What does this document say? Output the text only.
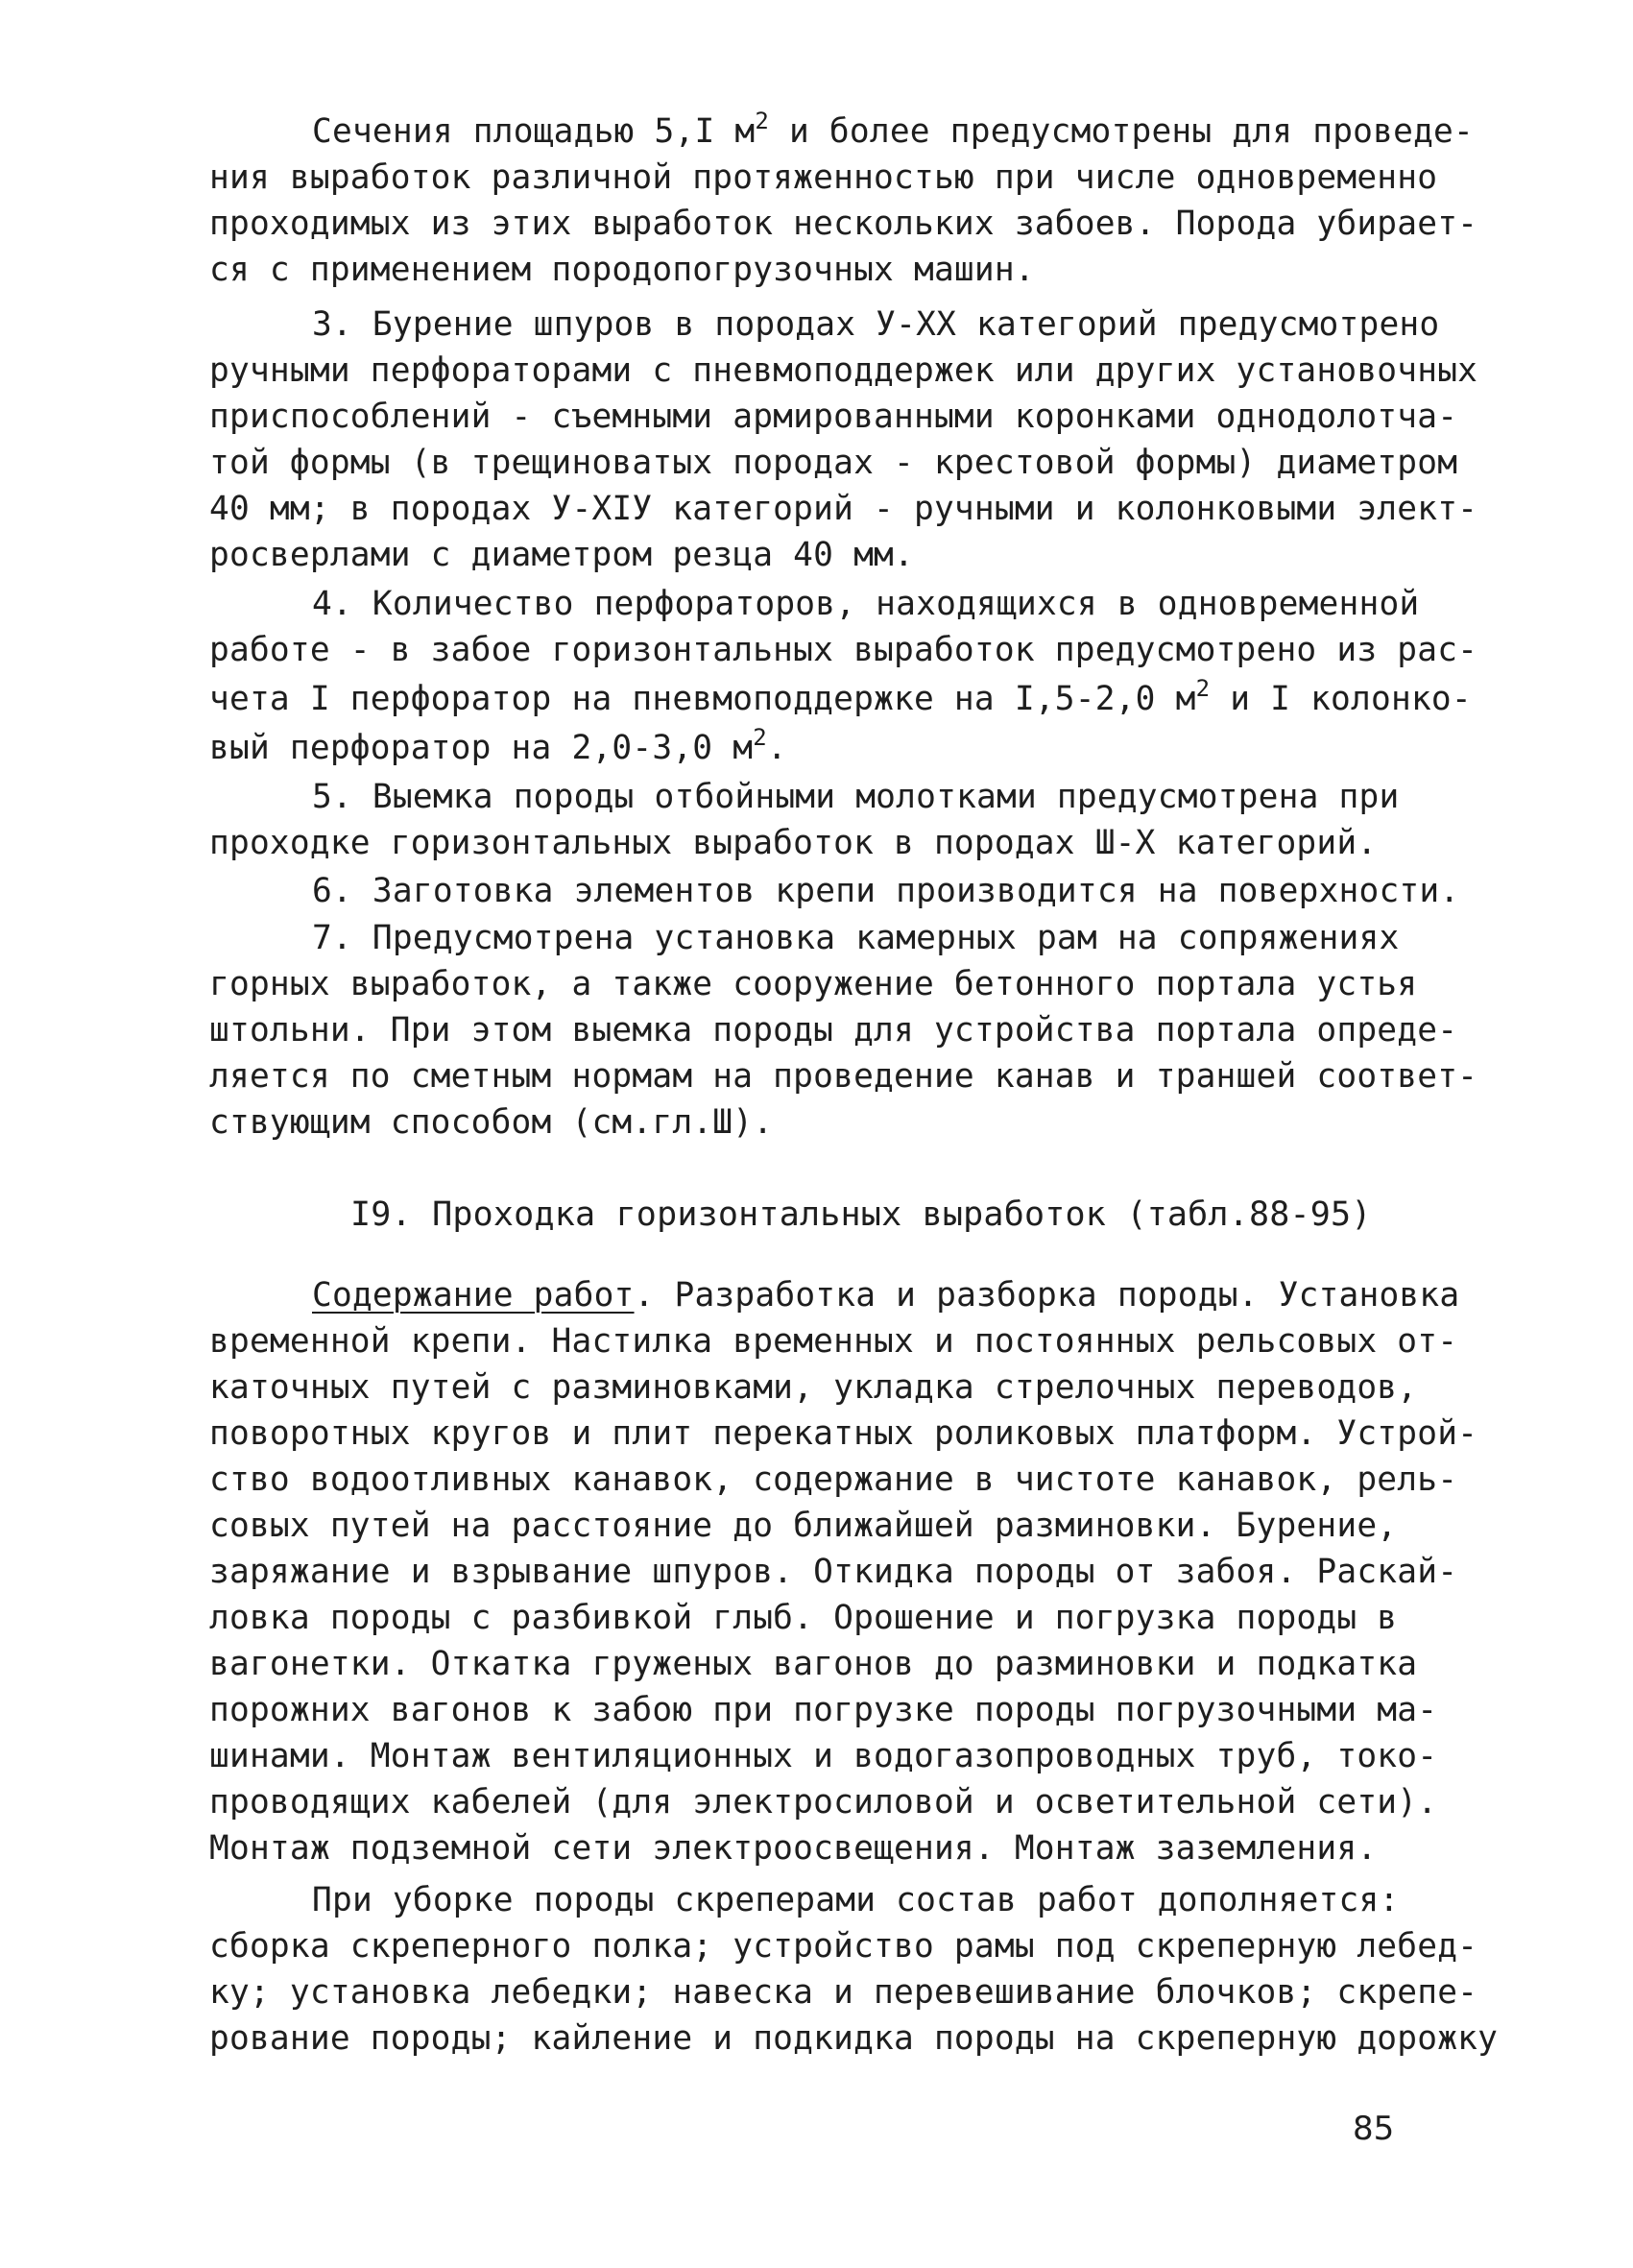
Сечения площадью 5,I $м^2$ и более предусмотрены для проведе-
ния выработок различной протяженностью при числе одновременно
проходимых из этих выработок нескольких забоев. Порода убирает-
ся с применением породопогрузочных машин.
3. Бурение шпуров в породах У-ХХ категорий предусмотрено
ручными перфораторами с пневмоподдержек или других установочных
приспособлений - съемными армированными коронками однодолотча-
той формы (в трещиноватых породах - крестовой формы) диаметром
40 мм; в породах У-ХIУ категорий - ручными и колонковыми элект-
росверлами с диаметром резца 40 мм.
4. Количество перфораторов, находящихся в одновременной
работе - в забое горизонтальных выработок предусмотрено из рас-
чета I перфоратор на пневмоподдержке на I,5-2,0 $м^2$ и I колонко-
вый перфоратор на 2,0-3,0 $м^2$.
5. Выемка породы отбойными молотками предусмотрена при
проходке горизонтальных выработок в породах Ш-Х категорий.
6. Заготовка элементов крепи производится на поверхности.
7. Предусмотрена установка камерных рам на сопряжениях
горных выработок, а также сооружение бетонного портала устья
штольни. При этом выемка породы для устройства портала опреде-
ляется по сметным нормам на проведение канав и траншей соответ-
ствующим способом (см.гл.Ш).
I9. Проходка горизонтальных выработок (табл.88-95)
Содержание работ. Разработка и разборка породы. Установка
временной крепи. Настилка временных и постоянных рельсовых от-
каточных путей с разминовками, укладка стрелочных переводов,
поворотных кругов и плит перекатных роликовых платформ. Устрой-
ство водоотливных канавок, содержание в чистоте канавок, рель-
совых путей на расстояние до ближайшей разминовки. Бурение,
заряжание и взрывание шпуров. Откидка породы от забоя. Раскай-
ловка породы с разбивкой глыб. Орошение и погрузка породы в
вагонетки. Откатка груженых вагонов до разминовки и подкатка
порожних вагонов к забою при погрузке породы погрузочными ма-
шинами. Монтаж вентиляционных и водогазопроводных труб, токо-
проводящих кабелей (для электросиловой и осветительной сети).
Монтаж подземной сети электроосвещения. Монтаж заземления.
При уборке породы скреперами состав работ дополняется:
сборка скреперного полка; устройство рамы под скреперную лебед-
ку; установка лебедки; навеска и перевешивание блочков; скрепе-
рование породы; кайление и подкидка породы на скреперную дорожку
85
